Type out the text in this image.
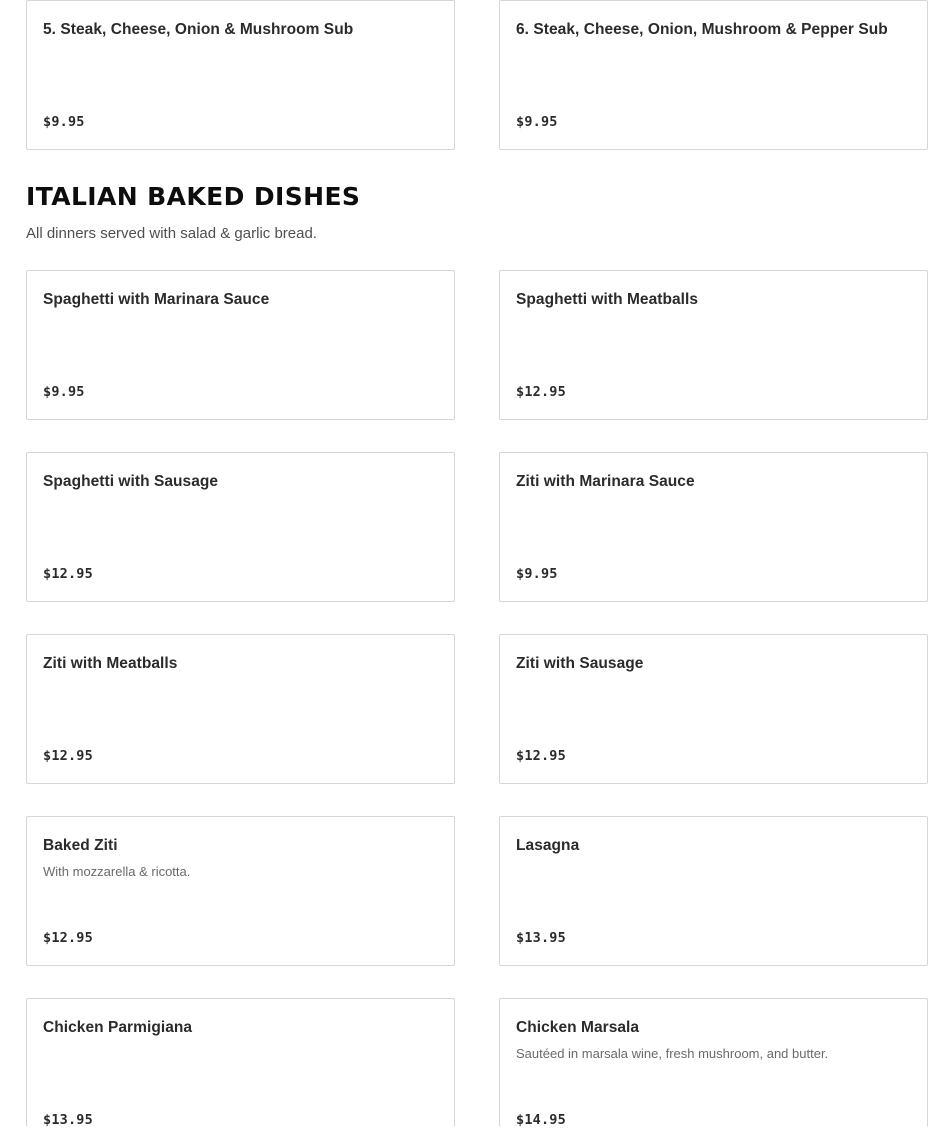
5. Steak, Cheese, Onion & Mushroom Sub
$9.95
6. Steak, Cheese, Onion, Mushroom & Pepper Sub
$9.95
ITALIAN BAKED DISHES

All dinners served with salad & garlic bread.

Spaghetti with Marinara Sauce
$9.95
Spaghetti with Meatballs
$12.95
Spaghetti with Sausage
$12.95
Ziti with Marinara Sauce
$9.95
Ziti with Meatballs
$12.95
Ziti with Sausage
$12.95
Baked Ziti
With mozzarella & ricotta.
$12.95
Lasagna
$13.95
Chicken Parmigiana
$13.95
Chicken Marsala
Sautéed in marsala wine, fresh mushroom, and butter.
$14.95
